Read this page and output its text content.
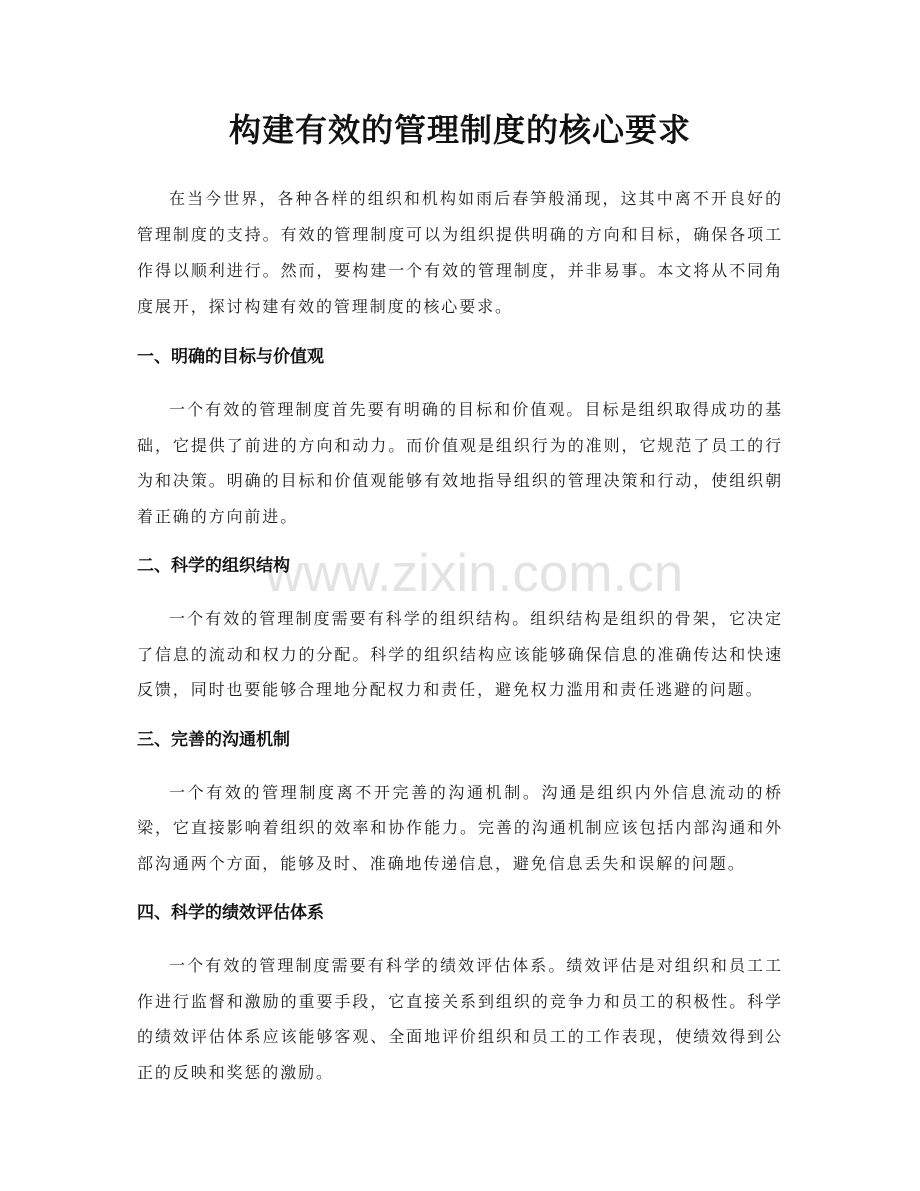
www.zixin.com.cn
构建有效的管理制度的核心要求

在当今世界，各种各样的组织和机构如雨后春笋般涌现，这其中离不开良好的管理制度的支持。有效的管理制度可以为组织提供明确的方向和目标，确保各项工作得以顺利进行。然而，要构建一个有效的管理制度，并非易事。本文将从不同角度展开，探讨构建有效的管理制度的核心要求。

一、明确的目标与价值观

一个有效的管理制度首先要有明确的目标和价值观。目标是组织取得成功的基础，它提供了前进的方向和动力。而价值观是组织行为的准则，它规范了员工的行为和决策。明确的目标和价值观能够有效地指导组织的管理决策和行动，使组织朝着正确的方向前进。

二、科学的组织结构

一个有效的管理制度需要有科学的组织结构。组织结构是组织的骨架，它决定了信息的流动和权力的分配。科学的组织结构应该能够确保信息的准确传达和快速反馈，同时也要能够合理地分配权力和责任，避免权力滥用和责任逃避的问题。

三、完善的沟通机制

一个有效的管理制度离不开完善的沟通机制。沟通是组织内外信息流动的桥梁，它直接影响着组织的效率和协作能力。完善的沟通机制应该包括内部沟通和外部沟通两个方面，能够及时、准确地传递信息，避免信息丢失和误解的问题。

四、科学的绩效评估体系

一个有效的管理制度需要有科学的绩效评估体系。绩效评估是对组织和员工工作进行监督和激励的重要手段，它直接关系到组织的竞争力和员工的积极性。科学的绩效评估体系应该能够客观、全面地评价组织和员工的工作表现，使绩效得到公正的反映和奖惩的激励。
